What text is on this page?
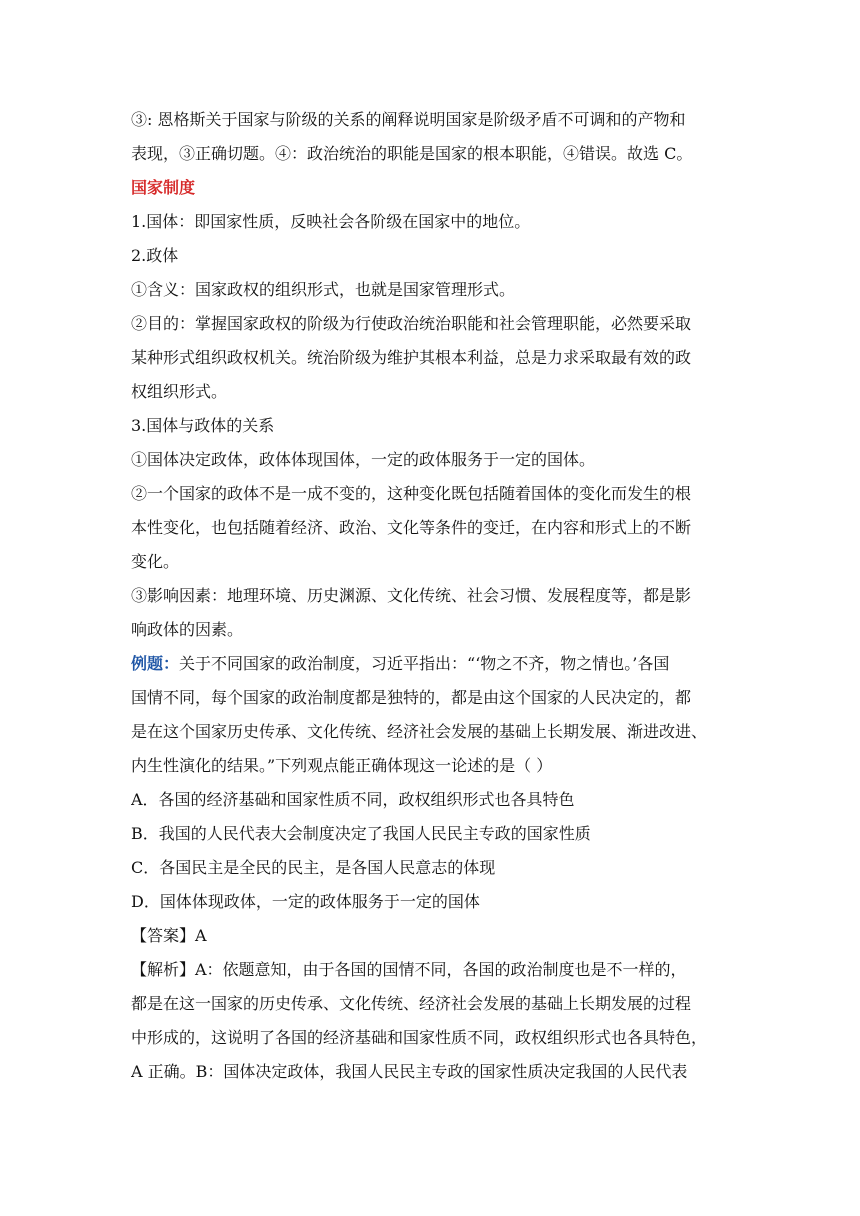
③: 恩格斯关于国家与阶级的关系的阐释说明国家是阶级矛盾不可调和的产物和

表现，③正确切题。④：政治统治的职能是国家的根本职能，④错误。故选 C。

国家制度

1.国体：即国家性质，反映社会各阶级在国家中的地位。

2.政体

①含义：国家政权的组织形式，也就是国家管理形式。

②目的：掌握国家政权的阶级为行使政治统治职能和社会管理职能，必然要采取

某种形式组织政权机关。统治阶级为维护其根本利益，总是力求采取最有效的政

权组织形式。

3.国体与政体的关系

①国体决定政体，政体体现国体，一定的政体服务于一定的国体。

②一个国家的政体不是一成不变的，这种变化既包括随着国体的变化而发生的根

本性变化，也包括随着经济、政治、文化等条件的变迁，在内容和形式上的不断

变化。

③影响因素：地理环境、历史渊源、文化传统、社会习惯、发展程度等，都是影

响政体的因素。

例题：关于不同国家的政治制度，习近平指出：“‘物之不齐，物之情也。’各国

国情不同，每个国家的政治制度都是独特的，都是由这个国家的人民决定的，都

是在这个国家历史传承、文化传统、经济社会发展的基础上长期发展、渐进改进、

内生性演化的结果。”下列观点能正确体现这一论述的是（ ）

A．各国的经济基础和国家性质不同，政权组织形式也各具特色

B．我国的人民代表大会制度决定了我国人民民主专政的国家性质

C．各国民主是全民的民主，是各国人民意志的体现

D．国体体现政体，一定的政体服务于一定的国体

【答案】A

【解析】A：依题意知，由于各国的国情不同，各国的政治制度也是不一样的，

都是在这一国家的历史传承、文化传统、经济社会发展的基础上长期发展的过程

中形成的，这说明了各国的经济基础和国家性质不同，政权组织形式也各具特色，

A 正确。B：国体决定政体，我国人民民主专政的国家性质决定我国的人民代表
